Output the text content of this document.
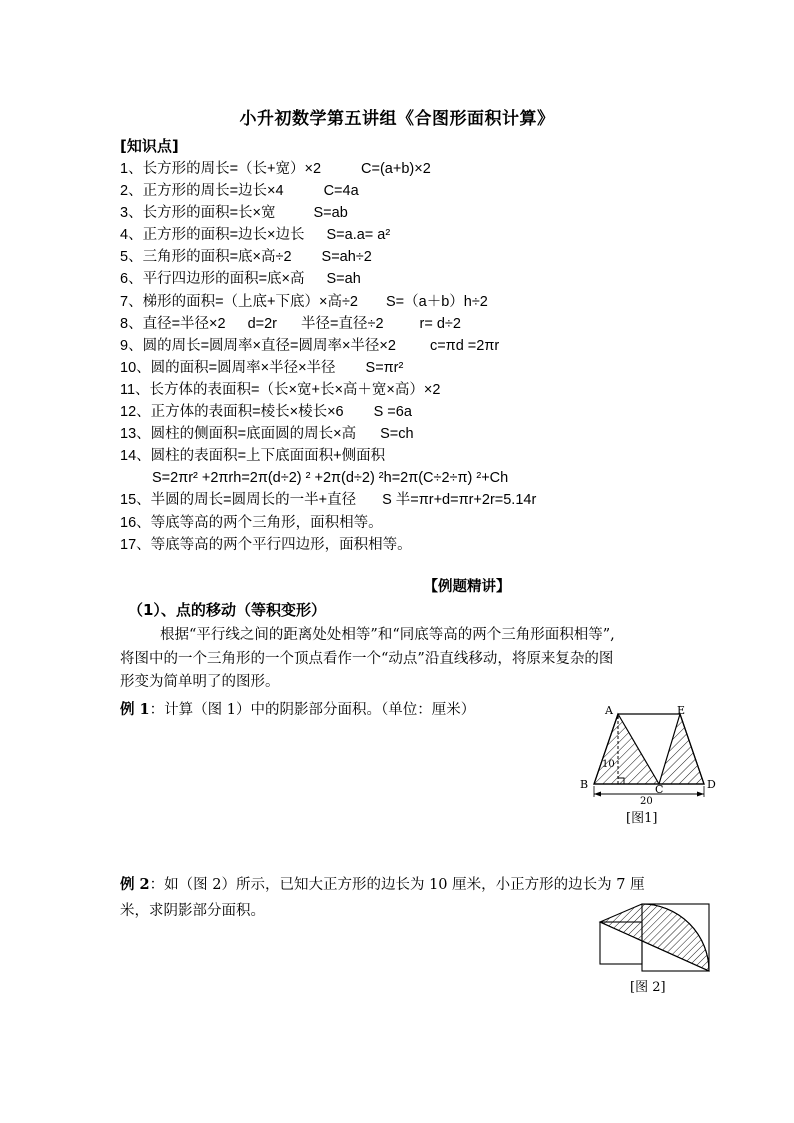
小升初数学第五讲组《合图形面积计算》
[知识点]
1、长方形的周长=（长+宽）×2	C=(a+b)×2
2、正方形的周长=边长×4	C=4a
3、长方形的面积=长×宽	S=ab
4、正方形的面积=边长×边长 S=a.a= a²
5、三角形的面积=底×高÷2 S=ah÷2
6、平行四边形的面积=底×高 S=ah
7、梯形的面积=（上底+下底）×高÷2 S=（a＋b）h÷2
8、直径=半径×2 d=2r 半径=直径÷2 r= d÷2
9、圆的周长=圆周率×直径=圆周率×半径×2 c=πd =2πr
10、圆的面积=圆周率×半径×半径 S=πr²
11、长方体的表面积=（长×宽+长×高＋宽×高）×2
12、正方体的表面积=棱长×棱长×6 S =6a
13、圆柱的侧面积=底面圆的周长×高 S=ch
14、圆柱的表面积=上下底面面积+侧面积
S=2πr² +2πrh=2π(d÷2) ² +2π(d÷2) ²h=2π(C÷2÷π) ²+Ch
15、半圆的周长=圆周长的一半+直径 S 半=πr+d=πr+2r=5.14r
16、等底等高的两个三角形，面积相等。
17、等底等高的两个平行四边形，面积相等。
【例题精讲】
（1）、点的移动（等积变形）
根据“平行线之间的距离处处相等”和“同底等高的两个三角形面积相等”,
将图中的一个三角形的一个顶点看作一个“动点”沿直线移动，将原来复杂的图
形变为简单明了的图形。
例 1：计算（图 1）中的阴影部分面积。（单位：厘米）	A	E
B	C	D
10
20
[图1]
例 2：如（图 2）所示，已知大正方形的边长为 10 厘米，小正方形的边长为 7 厘
米，求阴影部分面积。
[图 2]
